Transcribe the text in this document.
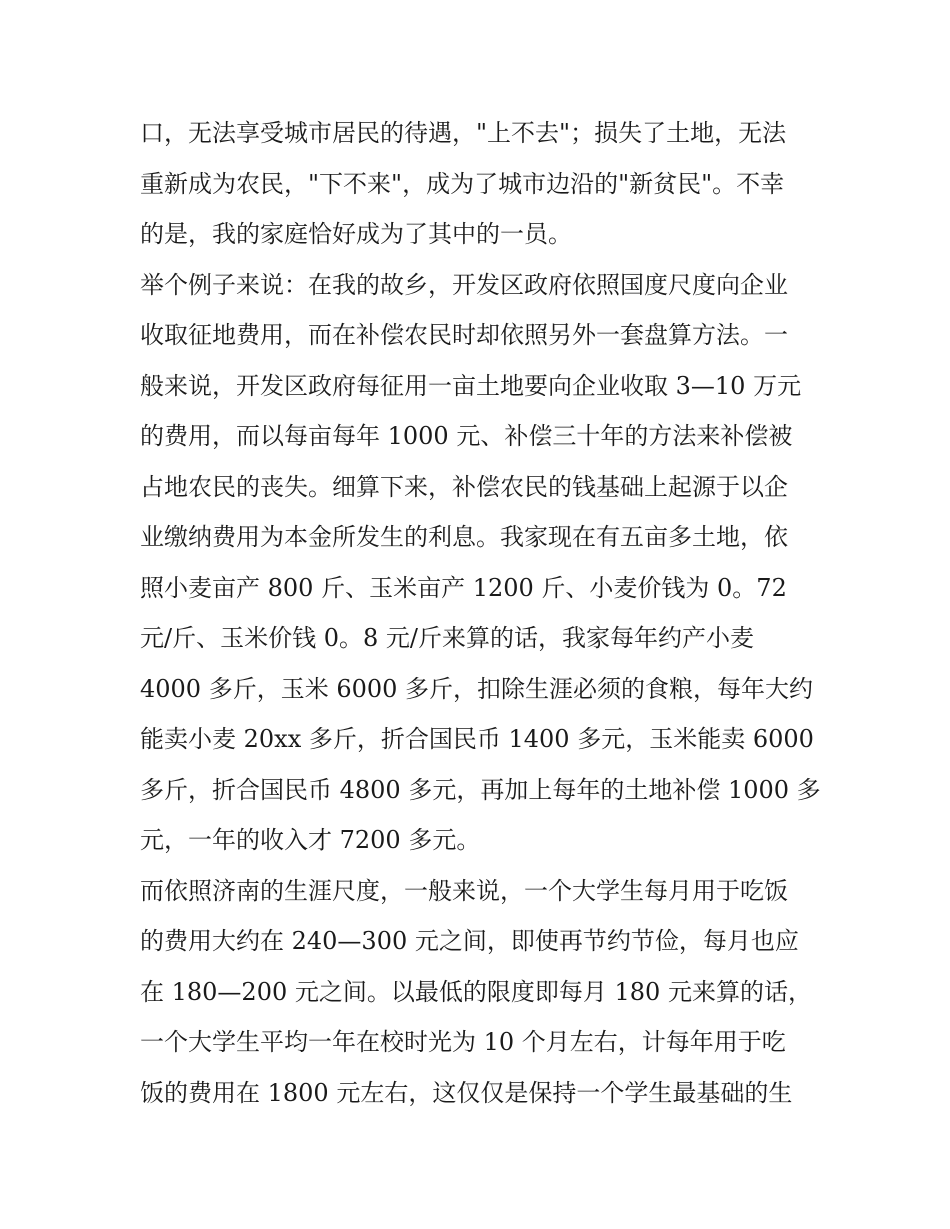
口，无法享受城市居民的待遇，"上不去"；损失了土地，无法

重新成为农民，"下不来"，成为了城市边沿的"新贫民"。不幸

的是，我的家庭恰好成为了其中的一员。

举个例子来说：在我的故乡，开发区政府依照国度尺度向企业

收取征地费用，而在补偿农民时却依照另外一套盘算方法。一

般来说，开发区政府每征用一亩土地要向企业收取 3—10 万元

的费用，而以每亩每年 1000 元、补偿三十年的方法来补偿被

占地农民的丧失。细算下来，补偿农民的钱基础上起源于以企

业缴纳费用为本金所发生的利息。我家现在有五亩多土地，依

照小麦亩产 800 斤、玉米亩产 1200 斤、小麦价钱为 0。72

元/斤、玉米价钱 0。8 元/斤来算的话，我家每年约产小麦

4000 多斤，玉米 6000 多斤，扣除生涯必须的食粮，每年大约

能卖小麦 20xx 多斤，折合国民币 1400 多元，玉米能卖 6000

多斤，折合国民币 4800 多元，再加上每年的土地补偿 1000 多

元，一年的收入才 7200 多元。

而依照济南的生涯尺度，一般来说，一个大学生每月用于吃饭

的费用大约在 240—300 元之间，即使再节约节俭，每月也应

在 180—200 元之间。以最低的限度即每月 180 元来算的话，

一个大学生平均一年在校时光为 10 个月左右，计每年用于吃

饭的费用在 1800 元左右，这仅仅是保持一个学生最基础的生
